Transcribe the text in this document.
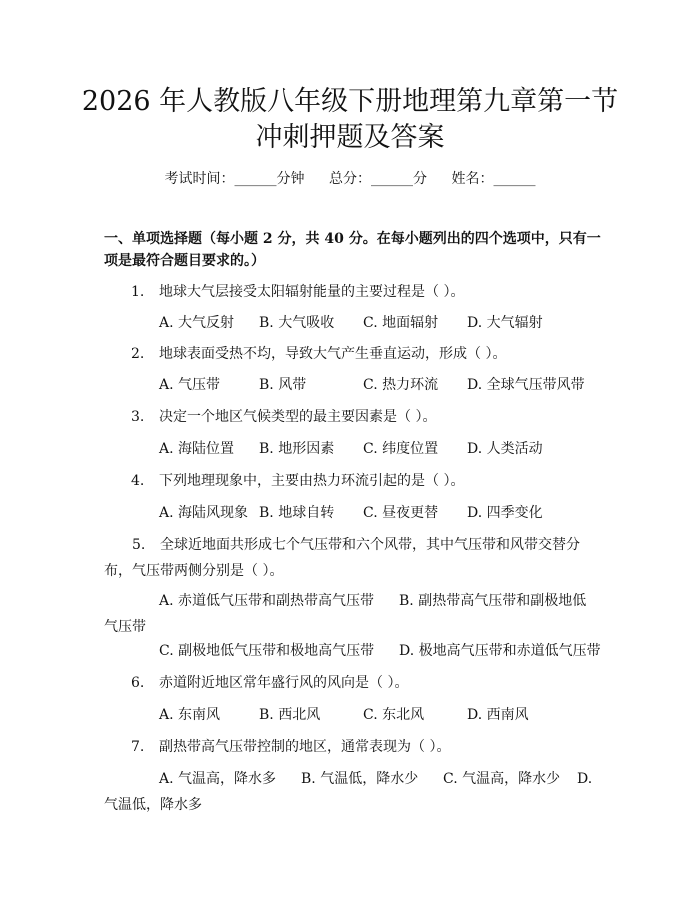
2026 年人教版八年级下册地理第九章第一节
冲刺押题及答案
考试时间：______分钟 总分：______分 姓名：______

一、单项选择题（每小题 2 分，共 40 分。在每小题列出的四个选项中，只有一项是最符合题目要求的。）

1. 地球大气层接受太阳辐射能量的主要过程是（ ）。
A. 大气反射 B. 大气吸收 C. 地面辐射 D. 大气辐射
2. 地球表面受热不均，导致大气产生垂直运动，形成（ ）。
A. 气压带	B. 风带	C. 热力环流 D. 全球气压带风带
3. 决定一个地区气候类型的最主要因素是（ ）。
A. 海陆位置 B. 地形因素 C. 纬度位置 D. 人类活动
4. 下列地理现象中，主要由热力环流引起的是（ ）。
A. 海陆风现象 B. 地球自转 C. 昼夜更替 D. 四季变化
5. 全球近地面共形成七个气压带和六个风带，其中气压带和风带交替分布，气压带两侧分别是（ ）。
A. 赤道低气压带和副热带高气压带 B. 副热带高气压带和副极地低气压带
C. 副极地低气压带和极地高气压带 D. 极地高气压带和赤道低气压带
6. 赤道附近地区常年盛行风的风向是（ ）。
A. 东南风	B. 西北风	C. 东北风	D. 西南风
7. 副热带高气压带控制的地区，通常表现为（ ）。
A. 气温高，降水多 B. 气温低，降水少 C. 气温高，降水少 D. 气温低，降水多
